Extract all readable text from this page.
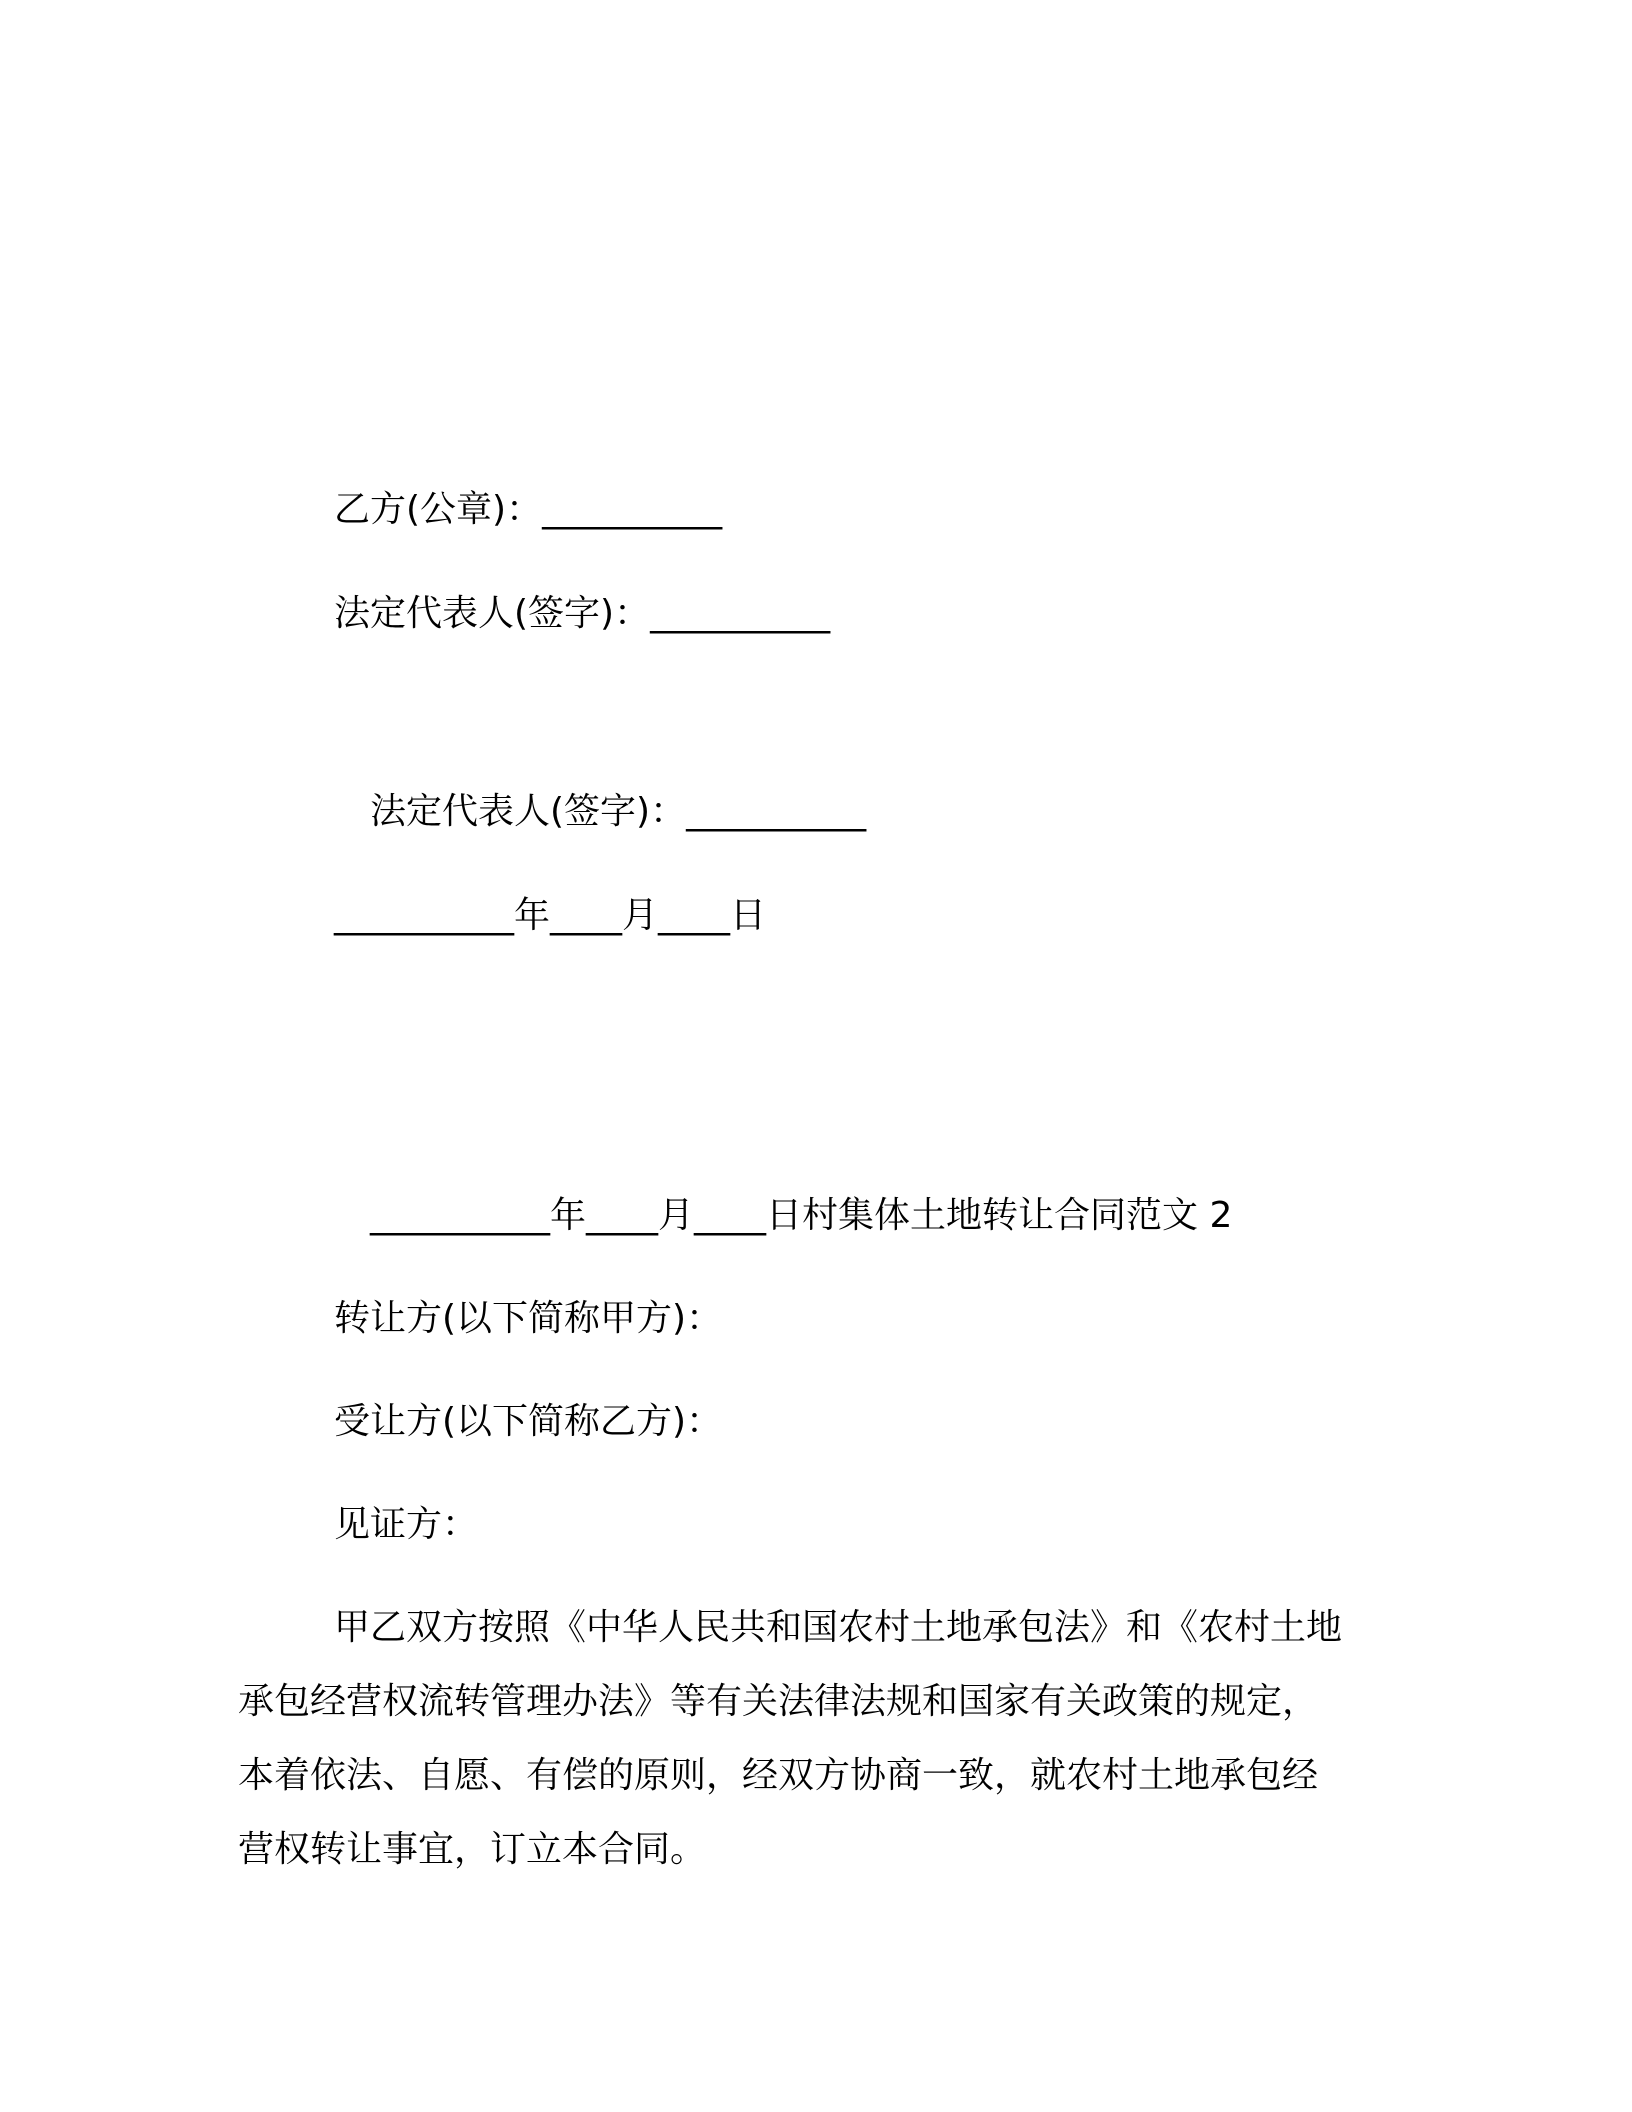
乙方(公章)：__________
法定代表人(签字)：__________
法定代表人(签字)：__________
__________年____月____日
__________年____月____日村集体土地转让合同范文 2
转让方(以下简称甲方)：
受让方(以下简称乙方)：
见证方：
甲乙双方按照《中华人民共和国农村土地承包法》和《农村土地
承包经营权流转管理办法》等有关法律法规和国家有关政策的规定，
本着依法、自愿、有偿的原则，经双方协商一致，就农村土地承包经
营权转让事宜，订立本合同。
